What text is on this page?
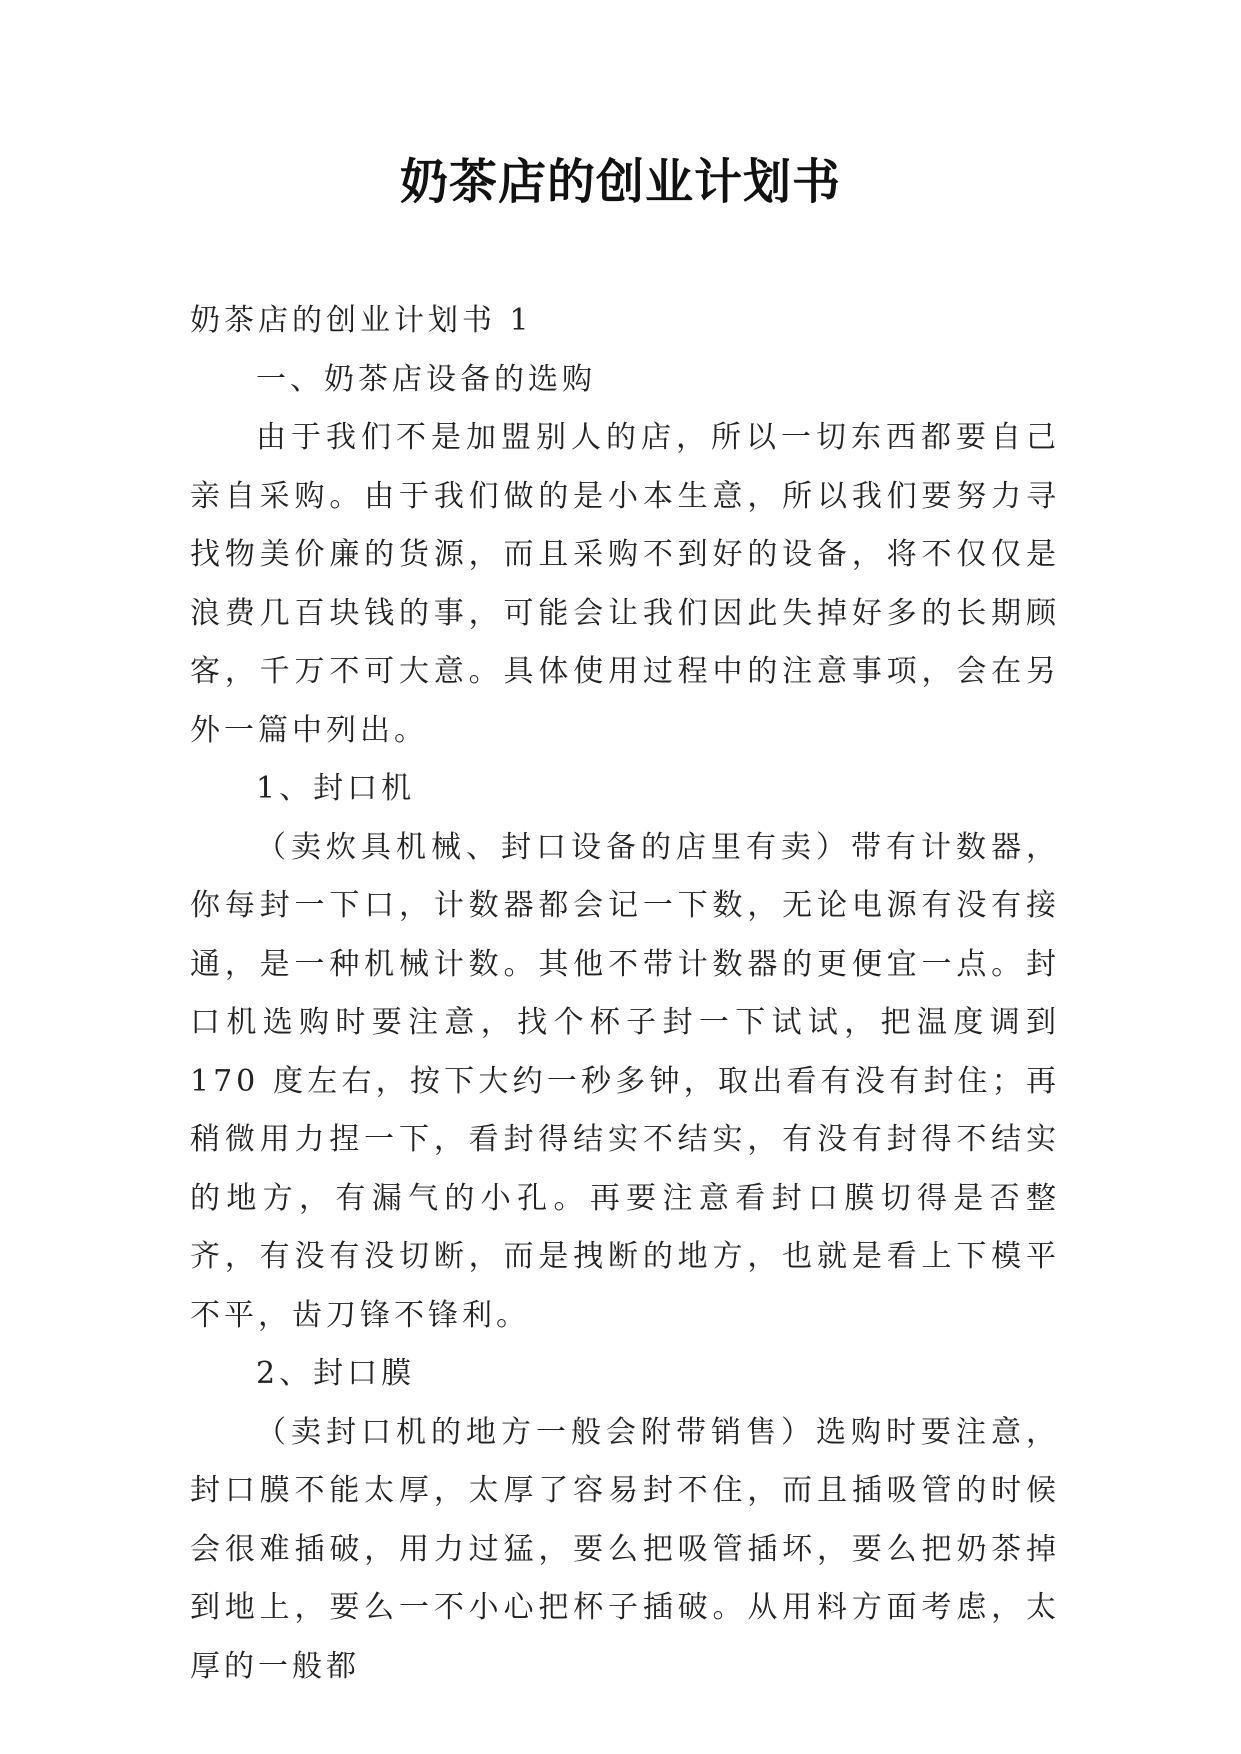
奶茶店的创业计划书

奶茶店的创业计划书 1

一、奶茶店设备的选购

由于我们不是加盟别人的店，所以一切东西都要自己亲自采购。由于我们做的是小本生意，所以我们要努力寻找物美价廉的货源，而且采购不到好的设备，将不仅仅是浪费几百块钱的事，可能会让我们因此失掉好多的长期顾客，千万不可大意。具体使用过程中的注意事项，会在另外一篇中列出。

1、封口机

（卖炊具机械、封口设备的店里有卖）带有计数器，你每封一下口，计数器都会记一下数，无论电源有没有接通，是一种机械计数。其他不带计数器的更便宜一点。封口机选购时要注意，找个杯子封一下试试，把温度调到 170 度左右，按下大约一秒多钟，取出看有没有封住；再稍微用力捏一下，看封得结实不结实，有没有封得不结实的地方，有漏气的小孔。再要注意看封口膜切得是否整齐，有没有没切断，而是拽断的地方，也就是看上下模平不平，齿刀锋不锋利。

2、封口膜

（卖封口机的地方一般会附带销售）选购时要注意，封口膜不能太厚，太厚了容易封不住，而且插吸管的时候会很难插破，用力过猛，要么把吸管插坏，要么把奶茶掉到地上，要么一不小心把杯子插破。从用料方面考虑，太厚的一般都
